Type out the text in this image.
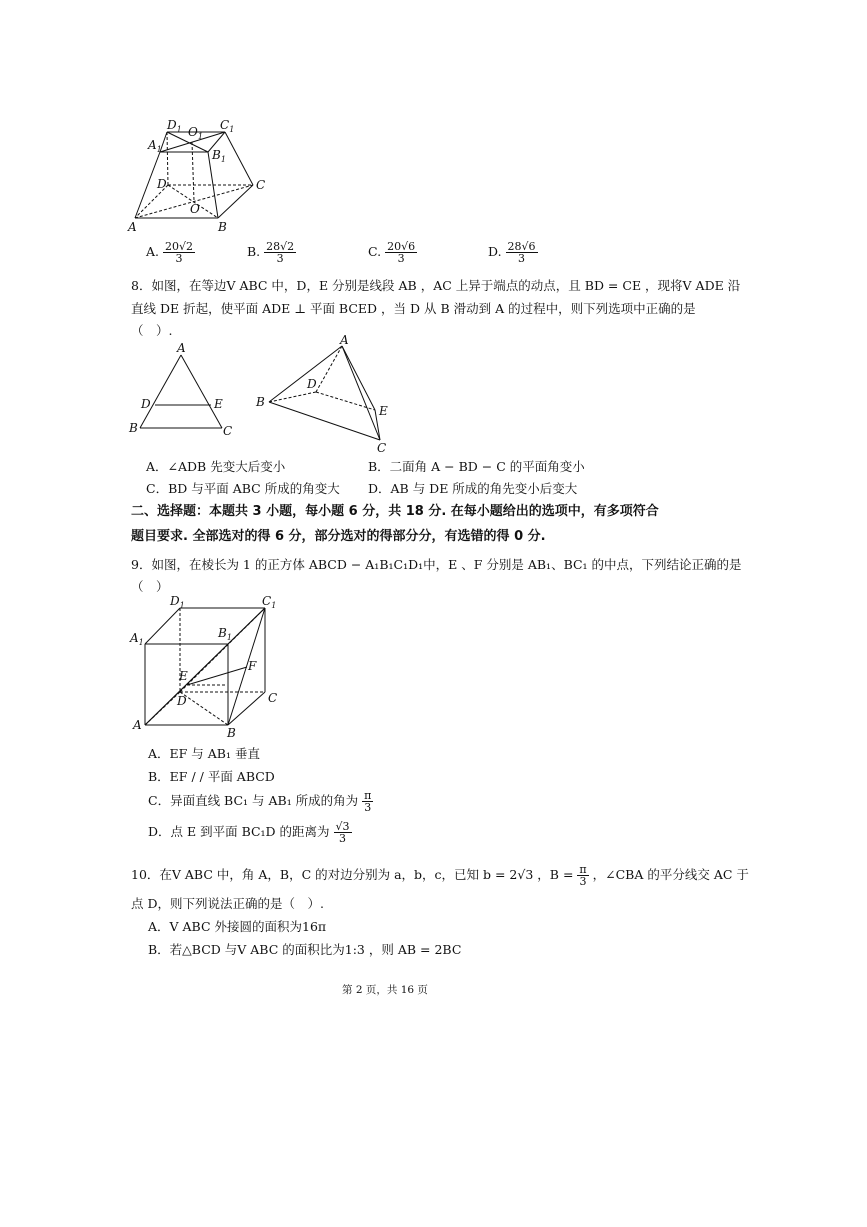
$D_1$ $O_1$
$C_1$
$A_1$	$B_1$
D	C
O
A	B
A. $\frac{20√2}{3}$	B. $\frac{28√2}{3}$	C. $\frac{20√6}{3}$	D. $\frac{28√6}{3}$
8．如图，在等边V ABC 中，D，E 分别是线段 AB ，AC 上异于端点的动点，且 BD = CE ，现将V ADE 沿
直线 DE 折起，使平面 ADE ⊥ 平面 BCED ，当 D 从 B 滑动到 A 的过程中，则下列选项中正确的是
（　）.
A
D	E
B	C
A
D
B
E
C
A．∠ADB 先变大后变小	B．二面角 A − BD − C 的平面角变小
C．BD 与平面 ABC 所成的角变大 D．AB 与 DE 所成的角先变小后变大
二、选择题：本题共 3 小题，每小题 6 分，共 18 分. 在每小题给出的选项中，有多项符合
题目要求. 全部选对的得 6 分，部分选对的得部分分，有选错的得 0 分.
9．如图，在棱长为 1 的正方体 ABCD − A₁B₁C₁D₁中，E 、F 分别是 AB₁、BC₁ 的中点，下列结论正确的是
（　）
$D_1$	$C_1$
$A_1$
$B_1$
F
E
D	C
A
B
A．EF 与 AB₁ 垂直
B．EF / / 平面 ABCD
C．异面直线 BC₁ 与 AB₁ 所成的角为 $\frac{\pi}{3}$
D．点 E 到平面 BC₁D 的距离为 $\frac{√3}{3}$
10．在V ABC 中，角 A，B，C 的对边分别为 a，b，c，已知 b = 2√3 ，$B = \frac{\pi}{3}$ ，∠CBA 的平分线交 AC 于
点 D，则下列说法正确的是（　）.
A．V ABC 外接圆的面积为16π
B．若△BCD 与V ABC 的面积比为1:3 ，则 AB = 2BC
第 2 页，共 16 页
